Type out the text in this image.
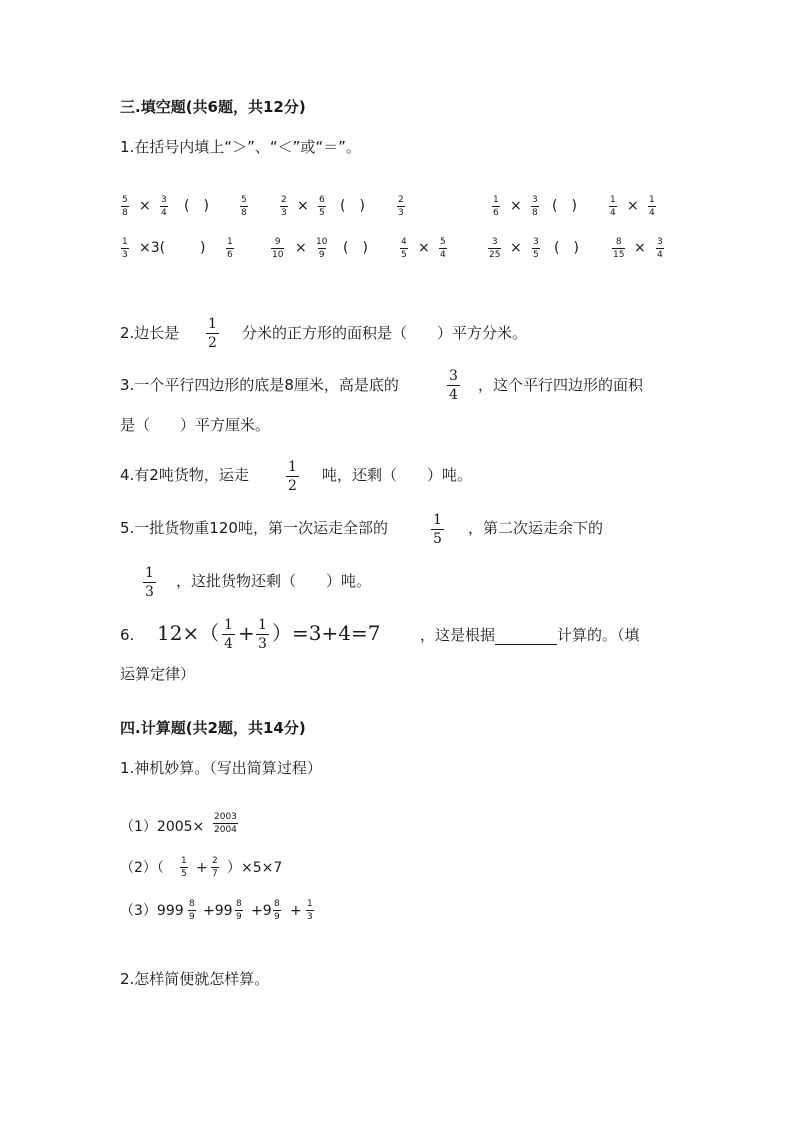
三.填空题(共6题，共12分)
1.在括号内填上“＞”、“＜”或“＝”。
$\frac{5}{8} \times \frac{3}{4}$ (　)	$\frac{5}{8}$	$\frac{2}{3} \times \frac{6}{5}$ (　)	$\frac{2}{3}$	$\frac{1}{6} \times \frac{3}{8}$ (　)	$\frac{1}{4} \times \frac{1}{4}$
$\frac{1}{3} \times 3$( ) $\frac{1}{6}$	$\frac{9}{10} \times \frac{10}{9}$ (　)	$\frac{4}{5} \times \frac{5}{4}$	$\frac{3}{25} \times \frac{3}{5}$ (　)	$\frac{8}{15} \times \frac{3}{4}$
2.边长是 $\frac{1}{2}$ 分米的正方形的面积是（　　）平方分米。
3.一个平行四边形的底是8厘米，高是底的	$\frac{3}{4}$ ，这个平行四边形的面积
是（　　）平方厘米。
4.有2吨货物，运走	$\frac{1}{2}$ 吨，还剩（　　）吨。
5.一批货物重120吨，第一次运走全部的	$\frac{1}{5}$ ，第二次运走余下的
$\frac{1}{3}$ ，这批货物还剩（　　）吨。
6. $12\times( \frac{1}{4} + \frac{1}{3} )=3+4=7$	，这是根据	计算的。（填
运算定律）
四.计算题(共2题，共14分)
1.神机妙算。（写出简算过程）
$(1)2005\times \frac{2003}{2004}$
$(2)( \frac{1}{5} + \frac{2}{7} )\times 5\times 7$
$(3)999 \frac{8}{9} +99 \frac{8}{9} +9 \frac{8}{9} + \frac{1}{3}$
2.怎样简便就怎样算。
